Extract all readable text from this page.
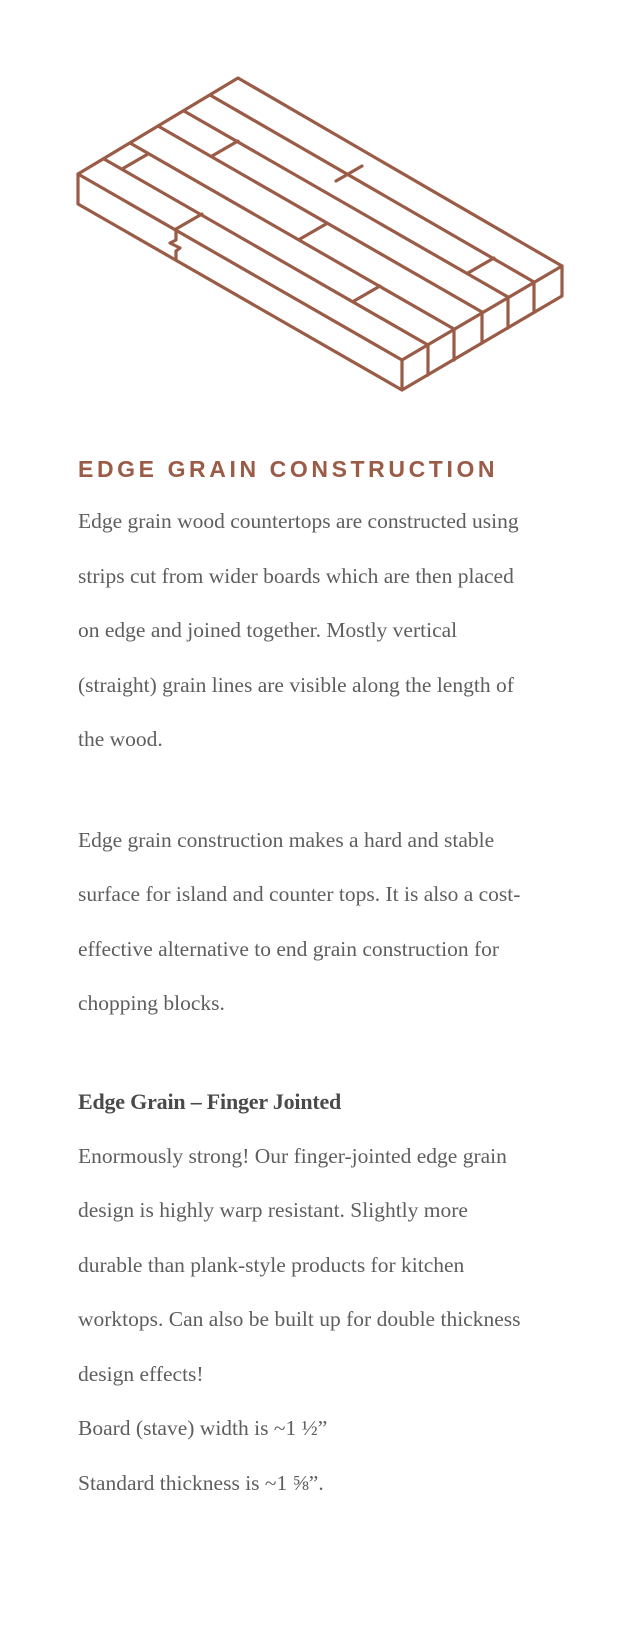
EDGE GRAIN CONSTRUCTION

Edge grain wood countertops are constructed using
strips cut from wider boards which are then placed
on edge and joined together. Mostly vertical
(straight) grain lines are visible along the length of
the wood.

Edge grain construction makes a hard and stable
surface for island and counter tops. It is also a cost-
effective alternative to end grain construction for
chopping blocks.

Edge Grain – Finger Jointed

Enormously strong! Our finger-jointed edge grain
design is highly warp resistant. Slightly more
durable than plank-style products for kitchen
worktops. Can also be built up for double thickness
design effects!
Board (stave) width is ~1 ½”
Standard thickness is ~1 ⅝”.
